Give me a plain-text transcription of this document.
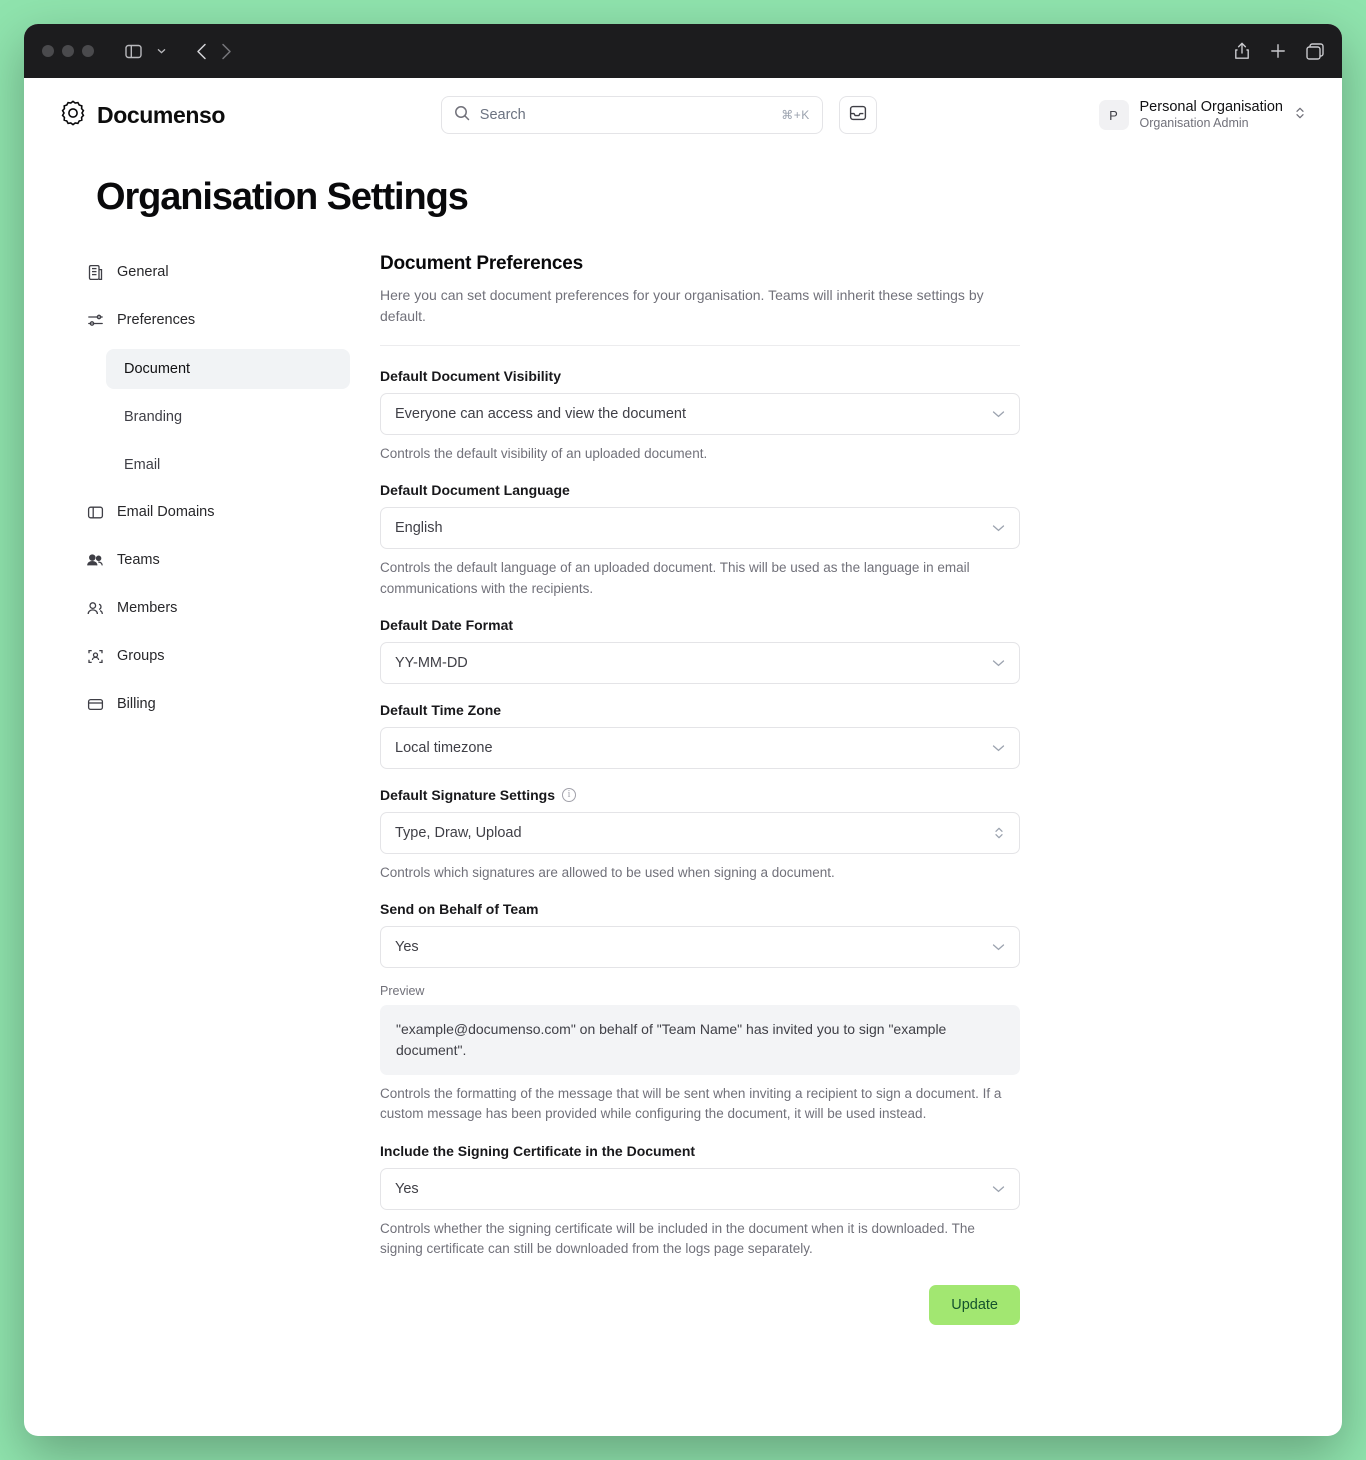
Documenso	Search	⌘+K	P	Personal Organisation
Organisation Admin
Organisation Settings
General
Preferences
Document
Branding
Email
Email Domains
Teams
Members
Groups
Billing
Document Preferences
Here you can set document preferences for your organisation. Teams will inherit these settings by default.
Default Document Visibility
Everyone can access and view the document
Controls the default visibility of an uploaded document.
Default Document Language
English
Controls the default language of an uploaded document. This will be used as the language in email communications with the recipients.
Default Date Format
YY-MM-DD
Default Time Zone
Local timezone
Default Signature Settings	i
Type, Draw, Upload
Controls which signatures are allowed to be used when signing a document.
Send on Behalf of Team
Yes
Preview
"example@documenso.com" on behalf of "Team Name" has invited you to sign "example document".
Controls the formatting of the message that will be sent when inviting a recipient to sign a document. If a custom message has been provided while configuring the document, it will be used instead.
Include the Signing Certificate in the Document
Yes
Controls whether the signing certificate will be included in the document when it is downloaded. The signing certificate can still be downloaded from the logs page separately.
Update
